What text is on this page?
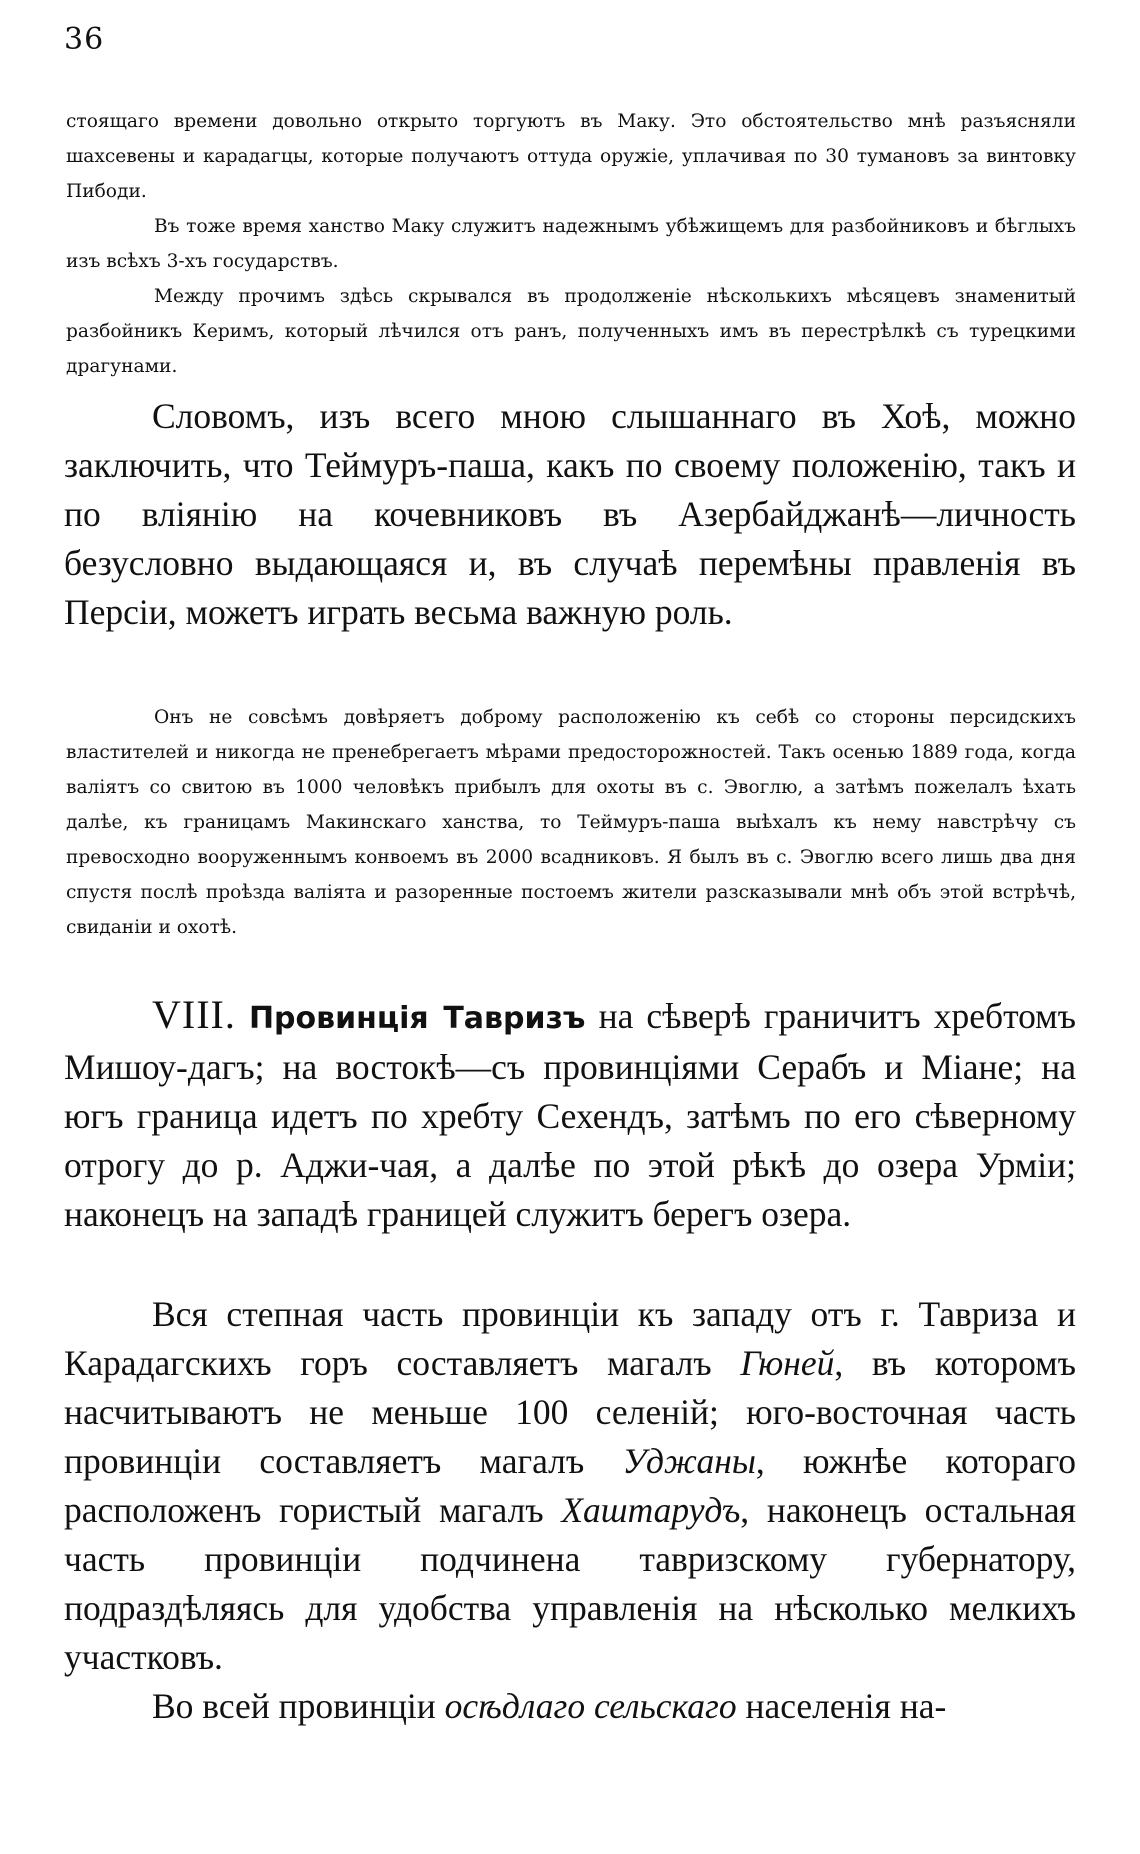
36

стоящаго времени довольно открыто торгуютъ въ Маку. Это обстоятельство мнѣ разъясняли шахсевены и карадагцы, которые получаютъ оттуда оружіе, уплачивая по 30 тумановъ за винтовку Пибоди.

Въ тоже время ханство Маку служитъ надежнымъ убѣжищемъ для разбойниковъ и бѣглыхъ изъ всѣхъ 3-хъ государствъ.

Между прочимъ здѣсь скрывался въ продолженіе нѣсколькихъ мѣсяцевъ знаменитый разбойникъ Керимъ, который лѣчился отъ ранъ, полученныхъ имъ въ перестрѣлкѣ съ турецкими драгунами.

Словомъ, изъ всего мною слышаннаго въ Хоѣ, можно заключить, что Теймуръ-паша, какъ по своему положенію, такъ и по вліянію на кочевниковъ въ Азербайджанѣ—личность безусловно выдающаяся и, въ случаѣ перемѣны правленія въ Персіи, можетъ играть весьма важную роль.

Онъ не совсѣмъ довѣряетъ доброму расположенію къ себѣ со стороны персидскихъ властителей и никогда не пренебрегаетъ мѣрами предосторожностей. Такъ осенью 1889 года, когда валіятъ со свитою въ 1000 человѣкъ прибылъ для охоты въ с. Эвоглю, а затѣмъ пожелалъ ѣхать далѣе, къ границамъ Макинскаго ханства, то Теймуръ-паша выѣхалъ къ нему навстрѣчу съ превосходно вооруженнымъ конвоемъ въ 2000 всадниковъ. Я былъ въ с. Эвоглю всего лишь два дня спустя послѣ проѣзда валіята и разоренные постоемъ жители разсказывали мнѣ объ этой встрѣчѣ, свиданіи и охотѣ.

VIII. Провинція Тавризъ на сѣверѣ граничитъ хребтомъ Мишоу-дагъ; на востокѣ—съ провинціями Серабъ и Міане; на югъ граница идетъ по хребту Сехендъ, затѣмъ по его сѣверному отрогу до р. Аджи-чая, а далѣе по этой рѣкѣ до озера Урміи; наконецъ на западѣ границей служитъ берегъ озера.

Вся степная часть провинціи къ западу отъ г. Тавриза и Карадагскихъ горъ составляетъ магалъ Гюней, въ которомъ насчитываютъ не меньше 100 селеній; юго-восточная часть провинціи составляетъ магалъ Уджаны, южнѣе котораго расположенъ гористый магалъ Хаштарудъ, наконецъ остальная часть провинціи подчинена тавризскому губернатору, подраздѣляясь для удобства управленія на нѣсколько мелкихъ участковъ.

Во всей провинціи осѣдлаго сельскаго населенія на-
